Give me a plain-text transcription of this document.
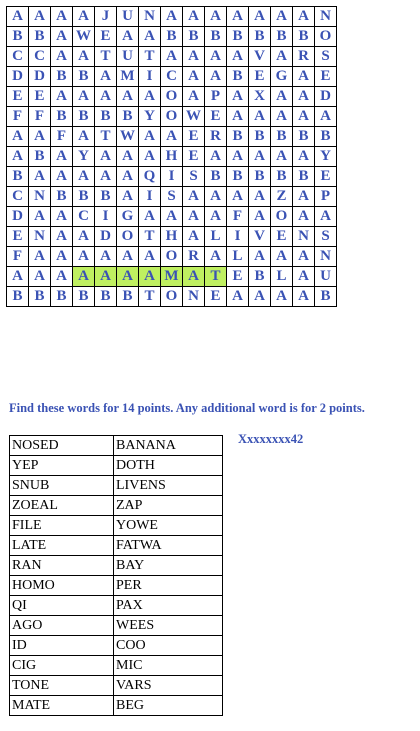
A	A	A	A	J	U	N	A	A	A	A	A	A	A	N
B	B	A	W	E	A	A	B	B	B	B	B	B	B	O
C	C	A	A	T	U	T	A	A	A	A	V	A	R	S
D	D	B	B	A	M	I	C	A	A	B	E	G	A	E
E	E	A	A	A	A	A	O	A	P	A	X	A	A	D
F	F	B	B	B	B	Y	O	W	E	A	A	A	A	A
A	A	F	A	T	W	A	A	E	R	B	B	B	B	B
A	B	A	Y	A	A	A	H	E	A	A	A	A	A	Y
B	A	A	A	A	A	Q	I	S	B	B	B	B	B	E
C	N	B	B	B	A	I	S	A	A	A	A	Z	A	P
D	A	A	C	I	G	A	A	A	A	F	A	O	A	A
E	N	A	A	D	O	T	H	A	L	I	V	E	N	S
F	A	A	A	A	A	A	O	R	A	L	A	A	A	N
A	A	A	A	A	A	A	M	A	T	E	B	L	A	U
B	B	B	B	B	B	T	O	N	E	A	A	A	A	B

Find these words for 14 points. Any additional word is for 2 points.

Xxxxxxxx42

NOSED	BANANA
YEP	DOTH
SNUB	LIVENS
ZOEAL	ZAP
FILE	YOWE
LATE	FATWA
RAN	BAY
HOMO	PER
QI	PAX
AGO	WEES
ID	COO
CIG	MIC
TONE	VARS
MATE	BEG
